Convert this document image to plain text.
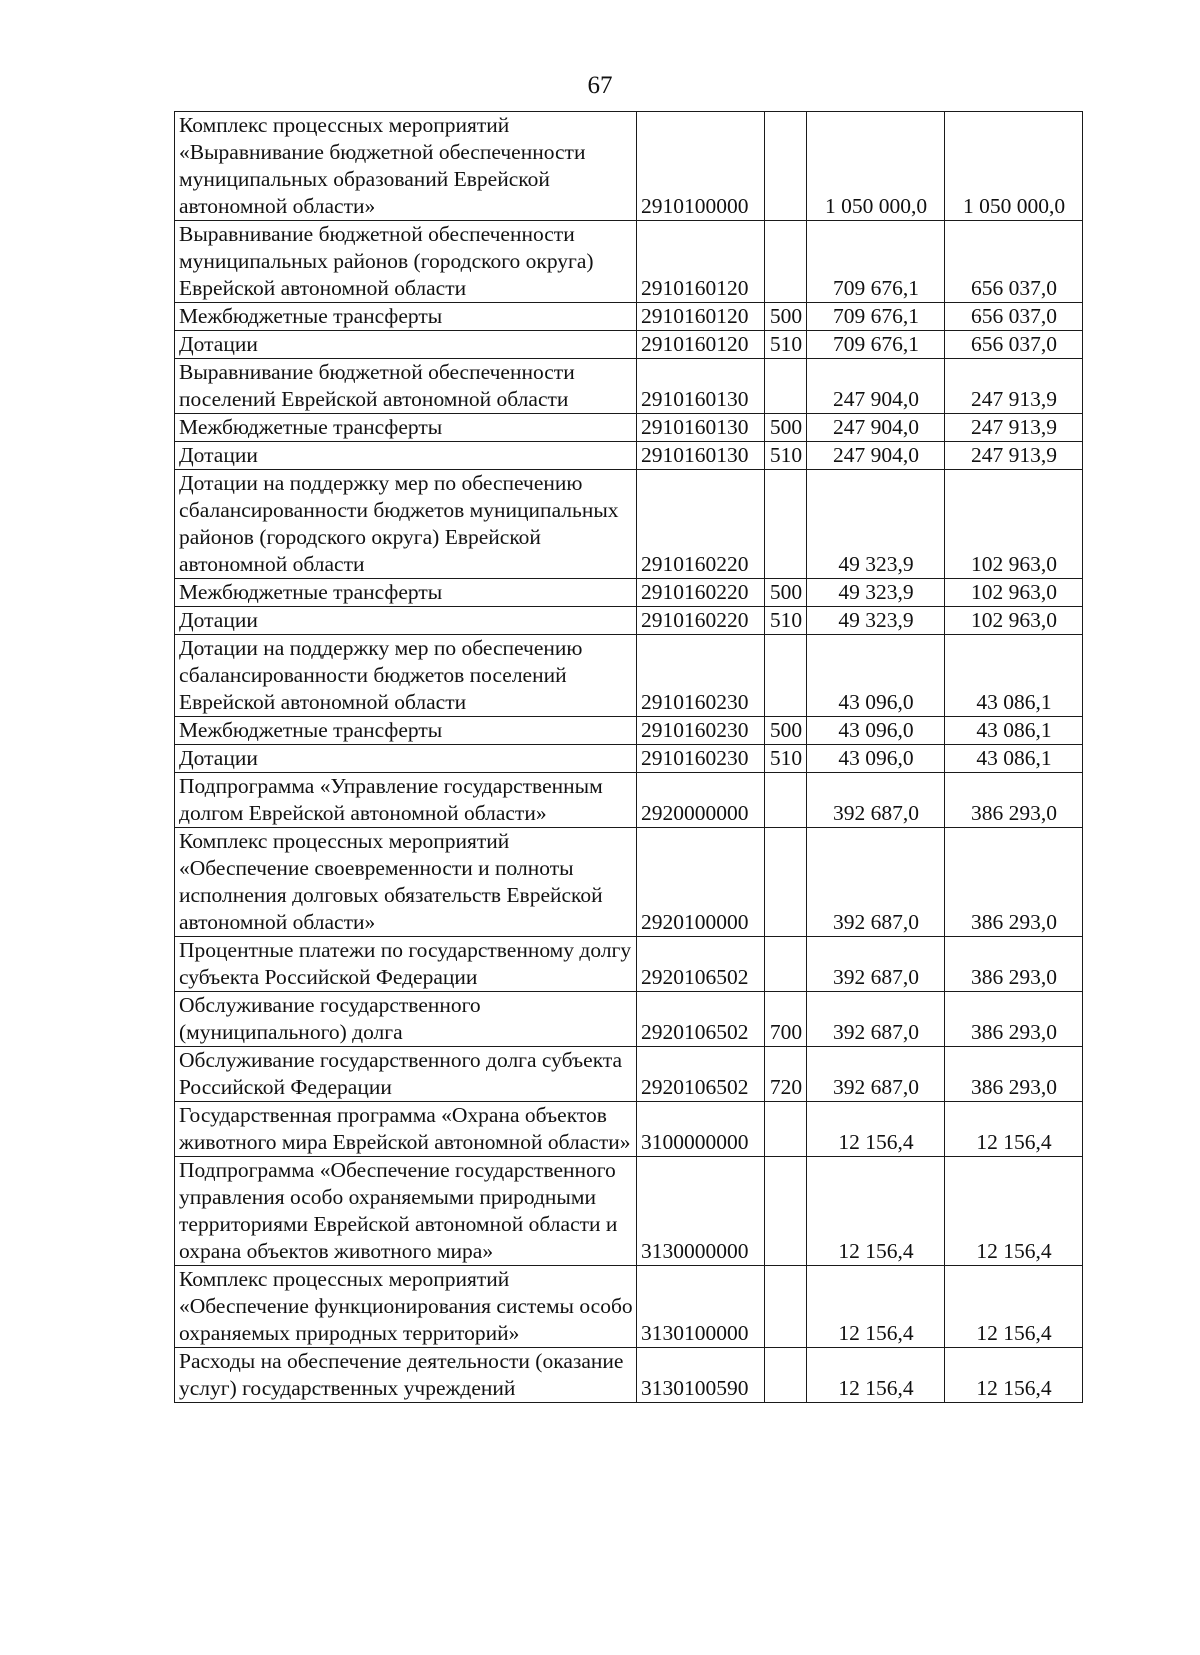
67
Комплекс процессных мероприятий «Выравнивание бюджетной обеспеченности муниципальных образований Еврейской автономной области»	2910100000		1 050 000,0	1 050 000,0
Выравнивание бюджетной обеспеченности муниципальных районов (городского округа) Еврейской автономной области	2910160120		709 676,1	656 037,0
Межбюджетные трансферты	2910160120	500	709 676,1	656 037,0
Дотации	2910160120	510	709 676,1	656 037,0
Выравнивание бюджетной обеспеченности поселений Еврейской автономной области	2910160130		247 904,0	247 913,9
Межбюджетные трансферты	2910160130	500	247 904,0	247 913,9
Дотации	2910160130	510	247 904,0	247 913,9
Дотации на поддержку мер по обеспечению сбалансированности бюджетов муниципальных районов (городского округа) Еврейской автономной области	2910160220		49 323,9	102 963,0
Межбюджетные трансферты	2910160220	500	49 323,9	102 963,0
Дотации	2910160220	510	49 323,9	102 963,0
Дотации на поддержку мер по обеспечению сбалансированности бюджетов поселений Еврейской автономной области	2910160230		43 096,0	43 086,1
Межбюджетные трансферты	2910160230	500	43 096,0	43 086,1
Дотации	2910160230	510	43 096,0	43 086,1
Подпрограмма «Управление государственным долгом Еврейской автономной области»	2920000000		392 687,0	386 293,0
Комплекс процессных мероприятий «Обеспечение своевременности и полноты исполнения долговых обязательств Еврейской автономной области»	2920100000		392 687,0	386 293,0
Процентные платежи по государственному долгу субъекта Российской Федерации	2920106502		392 687,0	386 293,0
Обслуживание государственного (муниципального) долга	2920106502	700	392 687,0	386 293,0
Обслуживание государственного долга субъекта Российской Федерации	2920106502	720	392 687,0	386 293,0
Государственная программа «Охрана объектов животного мира Еврейской автономной области»	3100000000		12 156,4	12 156,4
Подпрограмма «Обеспечение государственного управления особо охраняемыми природными территориями Еврейской автономной области и охрана объектов животного мира»	3130000000		12 156,4	12 156,4
Комплекс процессных мероприятий «Обеспечение функционирования системы особо охраняемых природных территорий»	3130100000		12 156,4	12 156,4
Расходы на обеспечение деятельности (оказание услуг) государственных учреждений	3130100590		12 156,4	12 156,4
